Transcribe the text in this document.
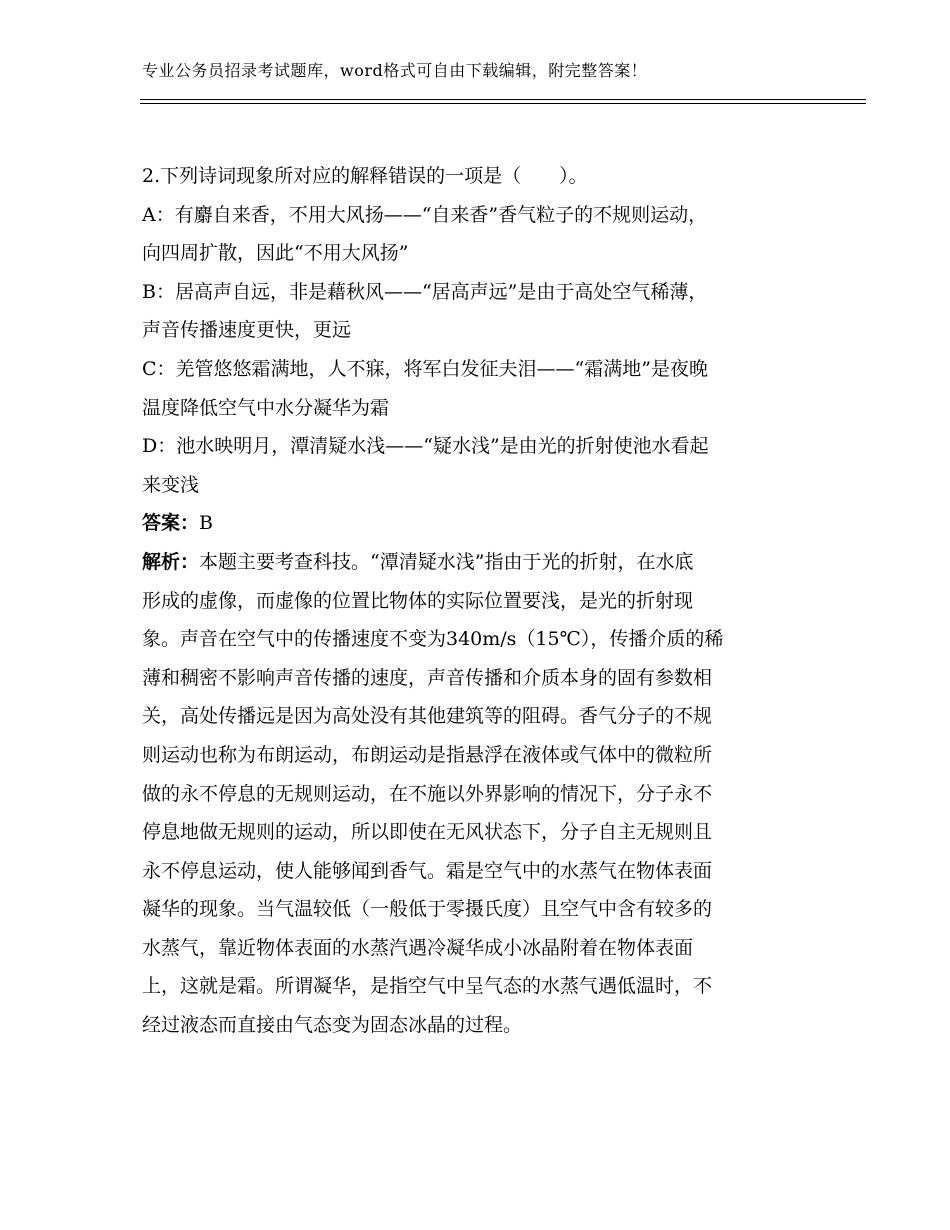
专业公务员招录考试题库，word格式可自由下载编辑，附完整答案！
2.下列诗词现象所对应的解释错误的一项是（　　）。
A：有麝自来香，不用大风扬——“自来香”香气粒子的不规则运动，
向四周扩散，因此“不用大风扬”
B：居高声自远，非是藉秋风——“居高声远”是由于高处空气稀薄，
声音传播速度更快，更远
C：羌管悠悠霜满地，人不寐，将军白发征夫泪——“霜满地”是夜晚
温度降低空气中水分凝华为霜
D：池水映明月，潭清疑水浅——“疑水浅”是由光的折射使池水看起
来变浅
答案：B
解析：本题主要考查科技。“潭清疑水浅”指由于光的折射，在水底
形成的虚像，而虚像的位置比物体的实际位置要浅，是光的折射现
象。声音在空气中的传播速度不变为340m/s（15℃），传播介质的稀
薄和稠密不影响声音传播的速度，声音传播和介质本身的固有参数相
关，高处传播远是因为高处没有其他建筑等的阻碍。香气分子的不规
则运动也称为布朗运动，布朗运动是指悬浮在液体或气体中的微粒所
做的永不停息的无规则运动，在不施以外界影响的情况下，分子永不
停息地做无规则的运动，所以即使在无风状态下，分子自主无规则且
永不停息运动，使人能够闻到香气。霜是空气中的水蒸气在物体表面
凝华的现象。当气温较低（一般低于零摄氏度）且空气中含有较多的
水蒸气，靠近物体表面的水蒸汽遇冷凝华成小冰晶附着在物体表面
上，这就是霜。所谓凝华，是指空气中呈气态的水蒸气遇低温时，不
经过液态而直接由气态变为固态冰晶的过程。
